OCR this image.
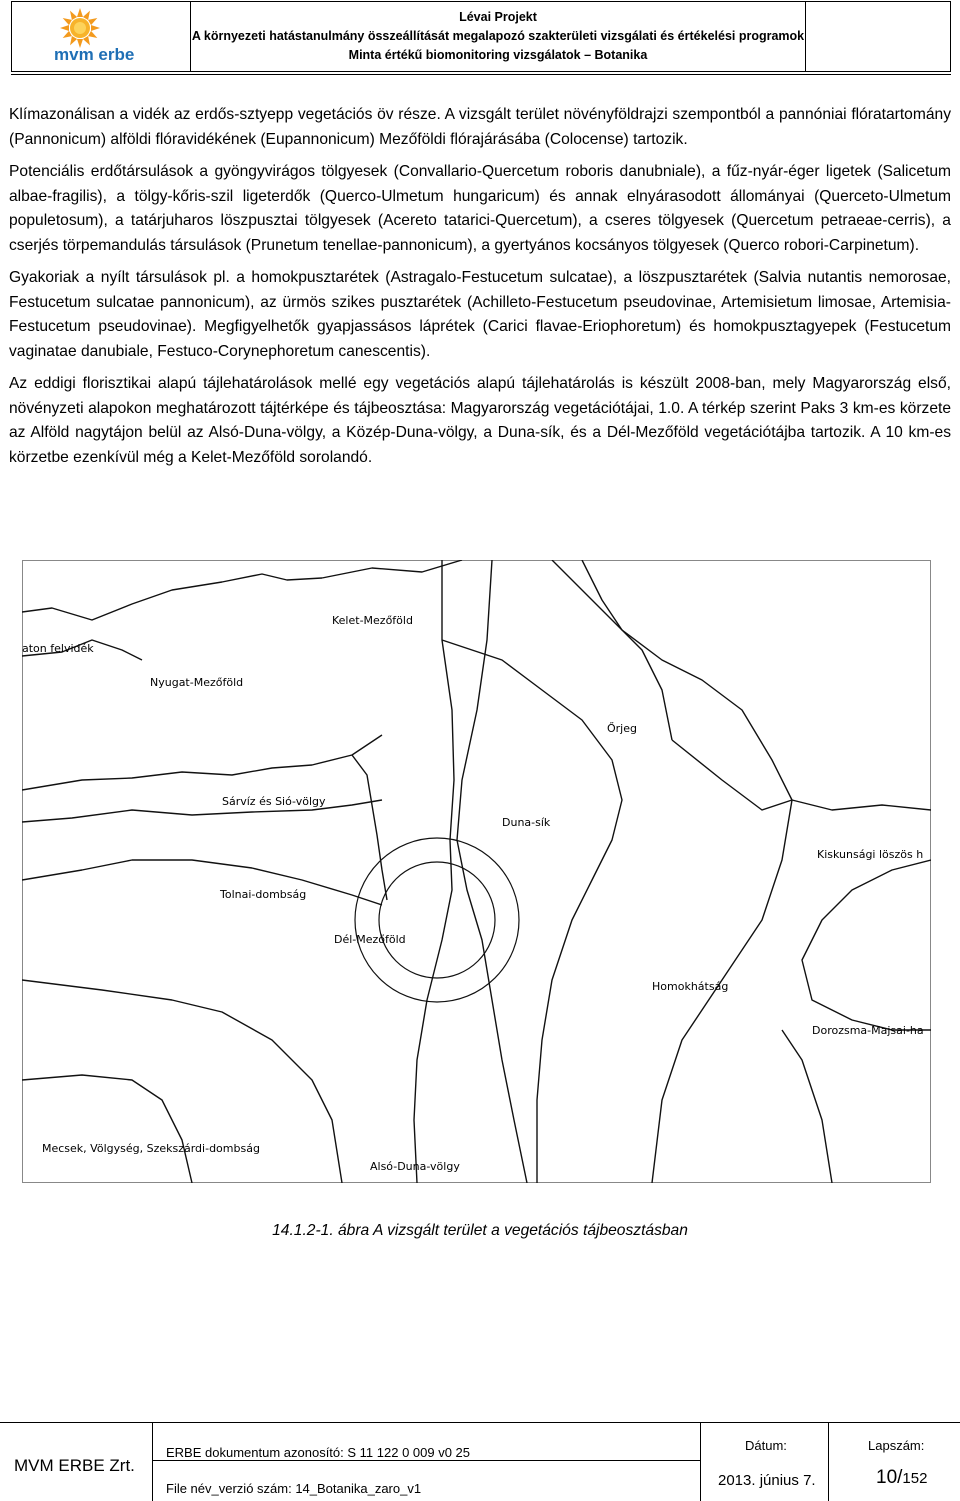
mvm erbe
Lévai Projekt
A környezeti hatástanulmány összeállítását megalapozó szakterületi vizsgálati és értékelési programok
Minta értékű biomonitoring vizsgálatok – Botanika

Klímazonálisan a vidék az erdős-sztyepp vegetációs öv része. A vizsgált terület növényföldrajzi szempontból a pannóniai flóratartomány (Pannonicum) alföldi flóravidékének (Eupannonicum) Mezőföldi flórajárásába (Colocense) tartozik.

Potenciális erdőtársulások a gyöngyvirágos tölgyesek (Convallario-Quercetum roboris danubniale), a fűz-nyár-éger ligetek (Salicetum albae-fragilis), a tölgy-kőris-szil ligeterdők (Querco-Ulmetum hungaricum) és annak elnyárasodott állományai (Querceto-Ulmetum populetosum), a tatárjuharos löszpusztai tölgyesek (Acereto tatarici-Quercetum), a cseres tölgyesek (Quercetum petraeae-cerris), a cserjés törpemandulás társulások (Prunetum tenellae-pannonicum), a gyertyános kocsányos tölgyesek (Querco robori-Carpinetum).

Gyakoriak a nyílt társulások pl. a homokpusztarétek (Astragalo-Festucetum sulcatae), a löszpusztarétek (Salvia nutantis nemorosae, Festucetum sulcatae pannonicum), az ürmös szikes pusztarétek (Achilleto-Festucetum pseudovinae, Artemisietum limosae, Artemisia-Festucetum pseudovinae). Megfigyelhetők gyapjassásos láprétek (Carici flavae-Eriophoretum) és homokpusztagyepek (Festucetum vaginatae danubiale, Festuco-Corynephoretum canescentis).

Az eddigi florisztikai alapú tájlehatárolások mellé egy vegetációs alapú tájlehatárolás is készült 2008-ban, mely Magyarország első, növényzeti alapokon meghatározott tájtérképe és tájbeosztása: Magyarország vegetációtájai, 1.0. A térkép szerint Paks 3 km-es körzete az Alföld nagytájon belül az Alsó-Duna-völgy, a Közép-Duna-völgy, a Duna-sík, és a Dél-Mezőföld vegetációtájba tartozik. A 10 km-es körzetbe ezenkívül még a Kelet-Mezőföld sorolandó.

Kelet-Mezőföld
aton felvidék
Nyugat-Mezőföld
Őrjeg
Sárvíz és Sió-völgy
Duna-sík
Kiskunsági löszös h
Tolnai-dombság
Dél-Mezőföld
Homokhátság
Dorozsma-Majsai-ha
Mecsek, Völgység, Szekszárdi-dombság
Alsó-Duna-völgy
14.1.2-1. ábra A vizsgált terület a vegetációs tájbeosztásban
MVM ERBE Zrt.
ERBE dokumentum azonosító: S 11 122 0 009 v0 25
File név_verzió szám: 14_Botanika_zaro_v1
Dátum:
2013. június 7.
Lapszám:
10/152
